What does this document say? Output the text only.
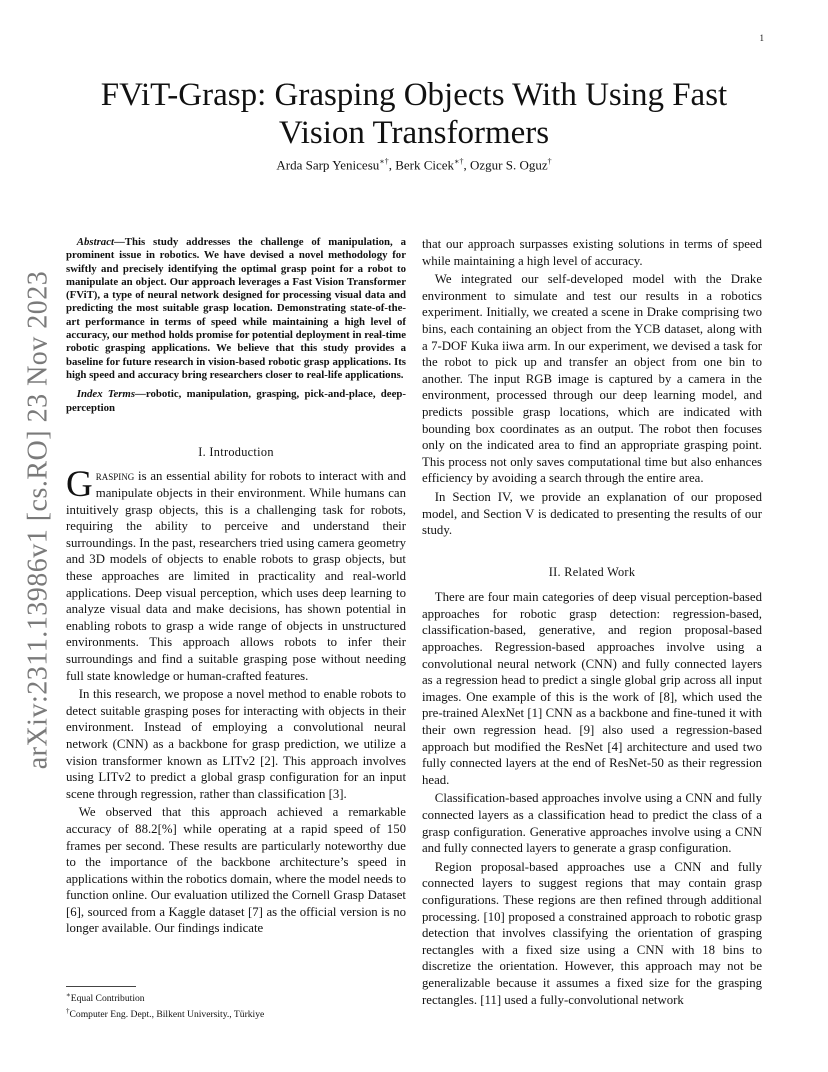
1
arXiv:2311.13986v1 [cs.RO] 23 Nov 2023
FViT-Grasp: Grasping Objects With Using Fast Vision Transformers
Arda Sarp Yenicesu∗†, Berk Cicek∗†, Ozgur S. Oguz†

Abstract—This study addresses the challenge of manipulation, a prominent issue in robotics. We have devised a novel methodology for swiftly and precisely identifying the optimal grasp point for a robot to manipulate an object. Our approach leverages a Fast Vision Transformer (FViT), a type of neural network designed for processing visual data and predicting the most suitable grasp location. Demonstrating state-of-the-art performance in terms of speed while maintaining a high level of accuracy, our method holds promise for potential deployment in real-time robotic grasping applications. We believe that this study provides a baseline for future research in vision-based robotic grasp applications. Its high speed and accuracy bring researchers closer to real-life applications.

Index Terms—robotic, manipulation, grasping, pick-and-place, deep-perception

I. Introduction

Grasping is an essential ability for robots to interact with and manipulate objects in their environment. While humans can intuitively grasp objects, this is a challenging task for robots, requiring the ability to perceive and understand their surroundings. In the past, researchers tried using camera geometry and 3D models of objects to enable robots to grasp objects, but these approaches are limited in practicality and real-world applications. Deep visual perception, which uses deep learning to analyze visual data and make decisions, has shown potential in enabling robots to grasp a wide range of objects in unstructured environments. This approach allows robots to infer their surroundings and find a suitable grasping pose without needing full state knowledge or human-crafted features.

In this research, we propose a novel method to enable robots to detect suitable grasping poses for interacting with objects in their environment. Instead of employing a convolutional neural network (CNN) as a backbone for grasp prediction, we utilize a vision transformer known as LITv2 [2]. This approach involves using LITv2 to predict a global grasp configuration for an input scene through regression, rather than classification [3].

We observed that this approach achieved a remarkable accuracy of 88.2[%] while operating at a rapid speed of 150 frames per second. These results are particularly noteworthy due to the importance of the backbone architecture’s speed in applications within the robotics domain, where the model needs to function online. Our evaluation utilized the Cornell Grasp Dataset [6], sourced from a Kaggle dataset [7] as the official version is no longer available. Our findings indicate

that our approach surpasses existing solutions in terms of speed while maintaining a high level of accuracy.

We integrated our self-developed model with the Drake environment to simulate and test our results in a robotics experiment. Initially, we created a scene in Drake comprising two bins, each containing an object from the YCB dataset, along with a 7-DOF Kuka iiwa arm. In our experiment, we devised a task for the robot to pick up and transfer an object from one bin to another. The input RGB image is captured by a camera in the environment, processed through our deep learning model, and predicts possible grasp locations, which are indicated with bounding box coordinates as an output. The robot then focuses only on the indicated area to find an appropriate grasping point. This process not only saves computational time but also enhances efficiency by avoiding a search through the entire area.

In Section IV, we provide an explanation of our proposed model, and Section V is dedicated to presenting the results of our study.

II. Related Work

There are four main categories of deep visual perception-based approaches for robotic grasp detection: regression-based, classification-based, generative, and region proposal-based approaches. Regression-based approaches involve using a convolutional neural network (CNN) and fully connected layers as a regression head to predict a single global grip across all input images. One example of this is the work of [8], which used the pre-trained AlexNet [1] CNN as a backbone and fine-tuned it with their own regression head. [9] also used a regression-based approach but modified the ResNet [4] architecture and used two fully connected layers at the end of ResNet-50 as their regression head.

Classification-based approaches involve using a CNN and fully connected layers as a classification head to predict the class of a grasp configuration. Generative approaches involve using a CNN and fully connected layers to generate a grasp configuration.

Region proposal-based approaches use a CNN and fully connected layers to suggest regions that may contain grasp configurations. These regions are then refined through additional processing. [10] proposed a constrained approach to robotic grasp detection that involves classifying the orientation of grasping rectangles with a fixed size using a CNN with 18 bins to discretize the orientation. However, this approach may not be generalizable because it assumes a fixed size for the grasping rectangles. [11] used a fully-convolutional network

∗Equal Contribution
†Computer Eng. Dept., Bilkent University., Türkiye
